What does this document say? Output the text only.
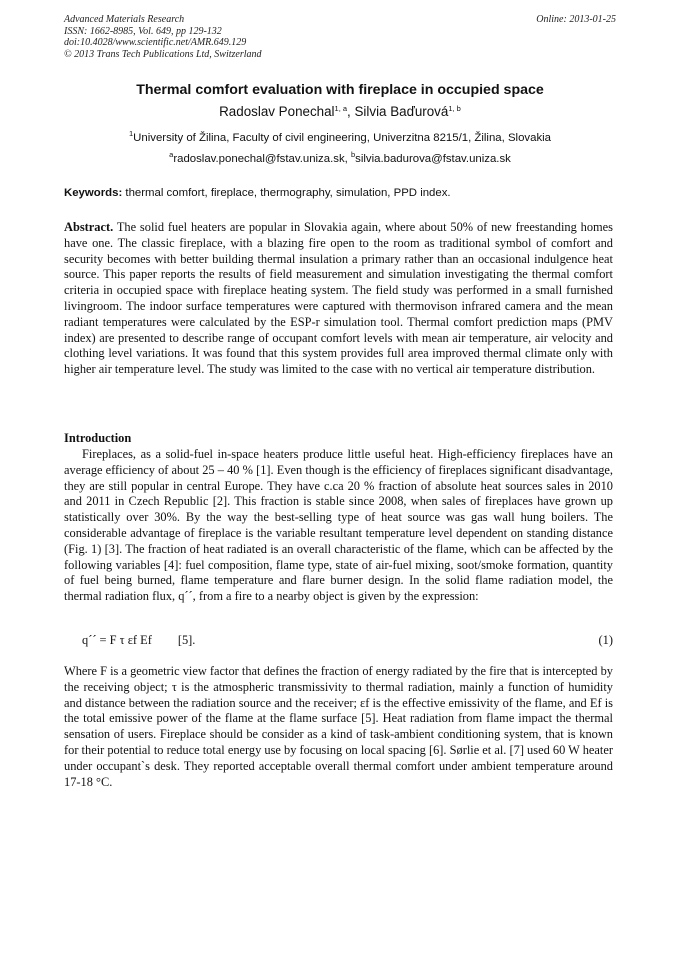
Advanced Materials Research	Online: 2013-01-25
ISSN: 1662-8985, Vol. 649, pp 129-132
doi:10.4028/www.scientific.net/AMR.649.129
© 2013 Trans Tech Publications Ltd, Switzerland
Thermal comfort evaluation with fireplace in occupied space
Radoslav Ponechal$^{1, a}$, Silvia Baďurová$^{1, b}$
$^1$University of Žilina, Faculty of civil engineering, Univerzitna 8215/1, Žilina, Slovakia
$^a$radoslav.ponechal@fstav.uniza.sk, $^b$silvia.badurova@fstav.uniza.sk
Keywords: thermal comfort, fireplace, thermography, simulation, PPD index.
Abstract. The solid fuel heaters are popular in Slovakia again, where about 50% of new freestanding homes have one. The classic fireplace, with a blazing fire open to the room as traditional symbol of comfort and security becomes with better building thermal insulation a primary rather than an occasional indulgence heat source. This paper reports the results of field measurement and simulation investigating the thermal comfort criteria in occupied space with fireplace heating system. The field study was performed in a small furnished livingroom. The indoor surface temperatures were captured with thermovison infrared camera and the mean radiant temperatures were calculated by the ESP-r simulation tool. Thermal comfort prediction maps (PMV index) are presented to describe range of occupant comfort levels with mean air temperature, air velocity and clothing level variations. It was found that this system provides full area improved thermal climate only with higher air temperature level. The study was limited to the case with no vertical air temperature distribution.
Introduction
Fireplaces, as a solid-fuel in-space heaters produce little useful heat. High-efficiency fireplaces have an average efficiency of about 25 – 40 % [1]. Even though is the efficiency of fireplaces significant disadvantage, they are still popular in central Europe. They have c.ca 20 % fraction of absolute heat sources sales in 2010 and 2011 in Czech Republic [2]. This fraction is stable since 2008, when sales of fireplaces have grown up statistically over 30%. By the way the best-selling type of heat source was gas wall hung boilers. The considerable advantage of fireplace is the variable resultant temperature level dependent on standing distance (Fig. 1) [3]. The fraction of heat radiated is an overall characteristic of the flame, which can be affected by the following variables [4]: fuel composition, flame type, state of air-fuel mixing, soot/smoke formation, quantity of fuel being burned, flame temperature and flare burner design. In the solid flame radiation model, the thermal radiation flux, q´´, from a fire to a nearby object is given by the expression:
q´´ = F τ εf Ef [5].	(1)
Where F is a geometric view factor that defines the fraction of energy radiated by the fire that is intercepted by the receiving object; τ is the atmospheric transmissivity to thermal radiation, mainly a function of humidity and distance between the radiation source and the receiver; εf is the effective emissivity of the flame, and Ef is the total emissive power of the flame at the flame surface [5]. Heat radiation from flame impact the thermal sensation of users. Fireplace should be consider as a kind of task-ambient conditioning system, that is known for their potential to reduce total energy use by focusing on local spacing [6]. Sørlie et al. [7] used 60 W heater under occupant`s desk. They reported acceptable overall thermal comfort under ambient temperature around 17-18 °C.
